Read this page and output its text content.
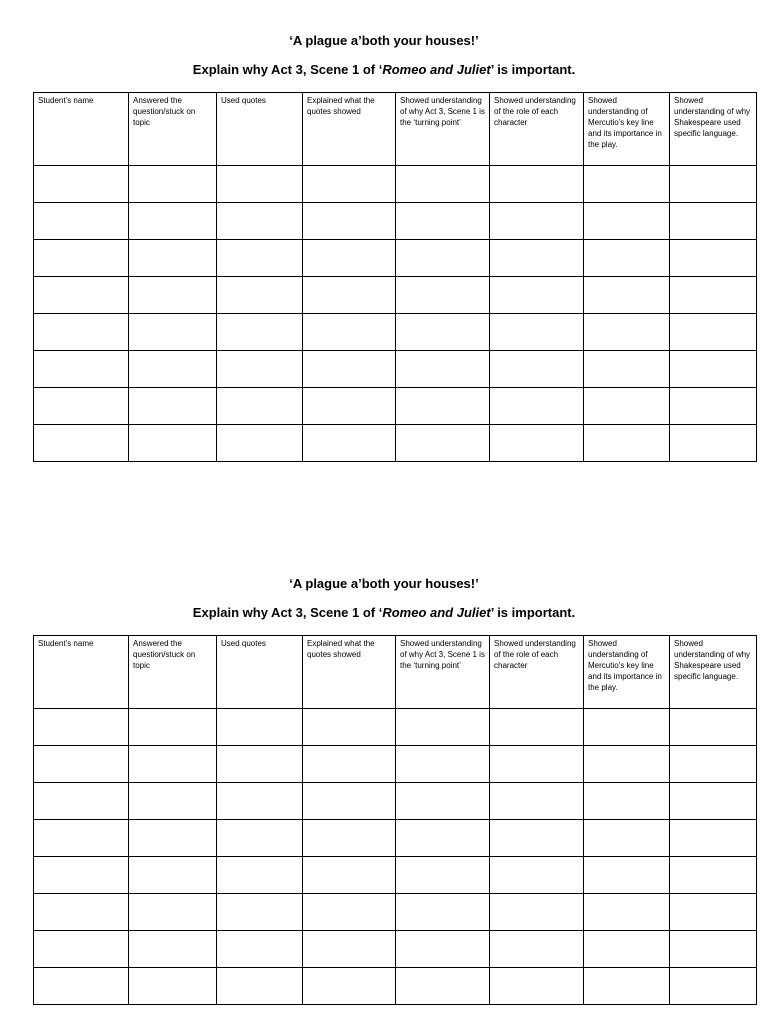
‘A plague a’both your houses!’
Explain why Act 3, Scene 1 of ‘Romeo and Juliet’ is important.
Student’s name	Answered the question/stuck on topic	Used quotes	Explained what the quotes showed	Showed understanding of why Act 3, Scene 1 is the ‘turning point’	Showed understanding of the role of each character	Showed understanding of Mercutio’s key line and its importance in the play.	Showed understanding of why Shakespeare used specific language.

‘A plague a’both your houses!’
Explain why Act 3, Scene 1 of ‘Romeo and Juliet’ is important.
Student’s name	Answered the question/stuck on topic	Used quotes	Explained what the quotes showed	Showed understanding of why Act 3, Scene 1 is the ‘turning point’	Showed understanding of the role of each character	Showed understanding of Mercutio’s key line and its importance in the play.	Showed understanding of why Shakespeare used specific language.
